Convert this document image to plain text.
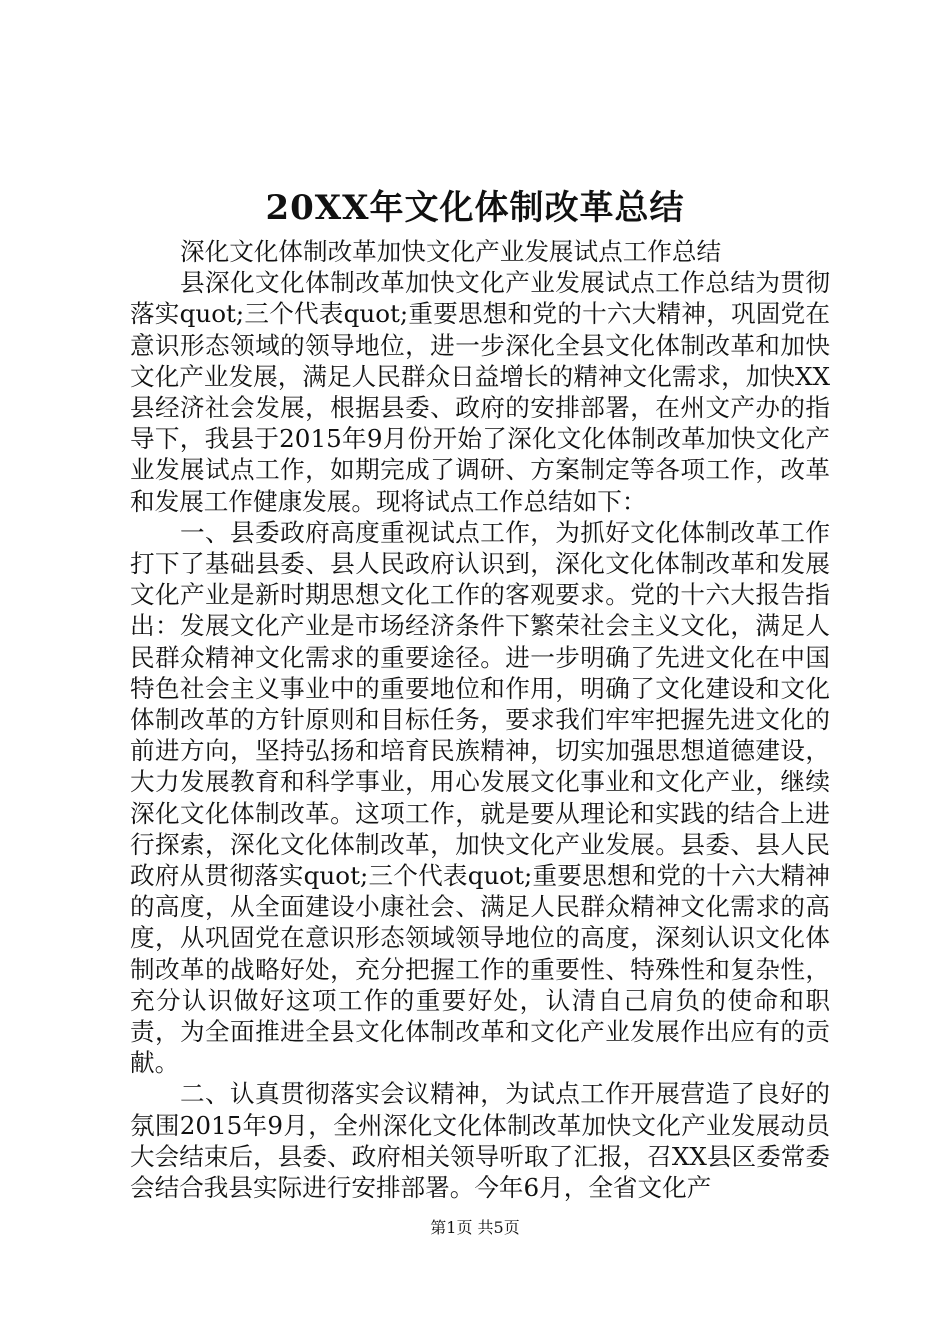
20XX年文化体制改革总结

深化文化体制改革加快文化产业发展试点工作总结

县深化文化体制改革加快文化产业发展试点工作总结为贯彻落实quot;三个代表quot;重要思想和党的十六大精神，巩固党在意识形态领域的领导地位，进一步深化全县文化体制改革和加快文化产业发展，满足人民群众日益增长的精神文化需求，加快XX县经济社会发展，根据县委、政府的安排部署，在州文产办的指导下，我县于2015年9月份开始了深化文化体制改革加快文化产业发展试点工作，如期完成了调研、方案制定等各项工作，改革和发展工作健康发展。现将试点工作总结如下：

一、县委政府高度重视试点工作，为抓好文化体制改革工作打下了基础县委、县人民政府认识到，深化文化体制改革和发展文化产业是新时期思想文化工作的客观要求。党的十六大报告指出：发展文化产业是市场经济条件下繁荣社会主义文化，满足人民群众精神文化需求的重要途径。进一步明确了先进文化在中国特色社会主义事业中的重要地位和作用，明确了文化建设和文化体制改革的方针原则和目标任务，要求我们牢牢把握先进文化的前进方向，坚持弘扬和培育民族精神，切实加强思想道德建设，大力发展教育和科学事业，用心发展文化事业和文化产业，继续深化文化体制改革。这项工作，就是要从理论和实践的结合上进行探索，深化文化体制改革，加快文化产业发展。县委、县人民政府从贯彻落实quot;三个代表quot;重要思想和党的十六大精神的高度，从全面建设小康社会、满足人民群众精神文化需求的高度，从巩固党在意识形态领域领导地位的高度，深刻认识文化体制改革的战略好处，充分把握工作的重要性、特殊性和复杂性，充分认识做好这项工作的重要好处，认清自己肩负的使命和职责，为全面推进全县文化体制改革和文化产业发展作出应有的贡献。

二、认真贯彻落实会议精神，为试点工作开展营造了良好的氛围2015年9月，全州深化文化体制改革加快文化产业发展动员大会结束后，县委、政府相关领导听取了汇报，召XX县区委常委会结合我县实际进行安排部署。今年6月，全省文化产

第1页 共5页
